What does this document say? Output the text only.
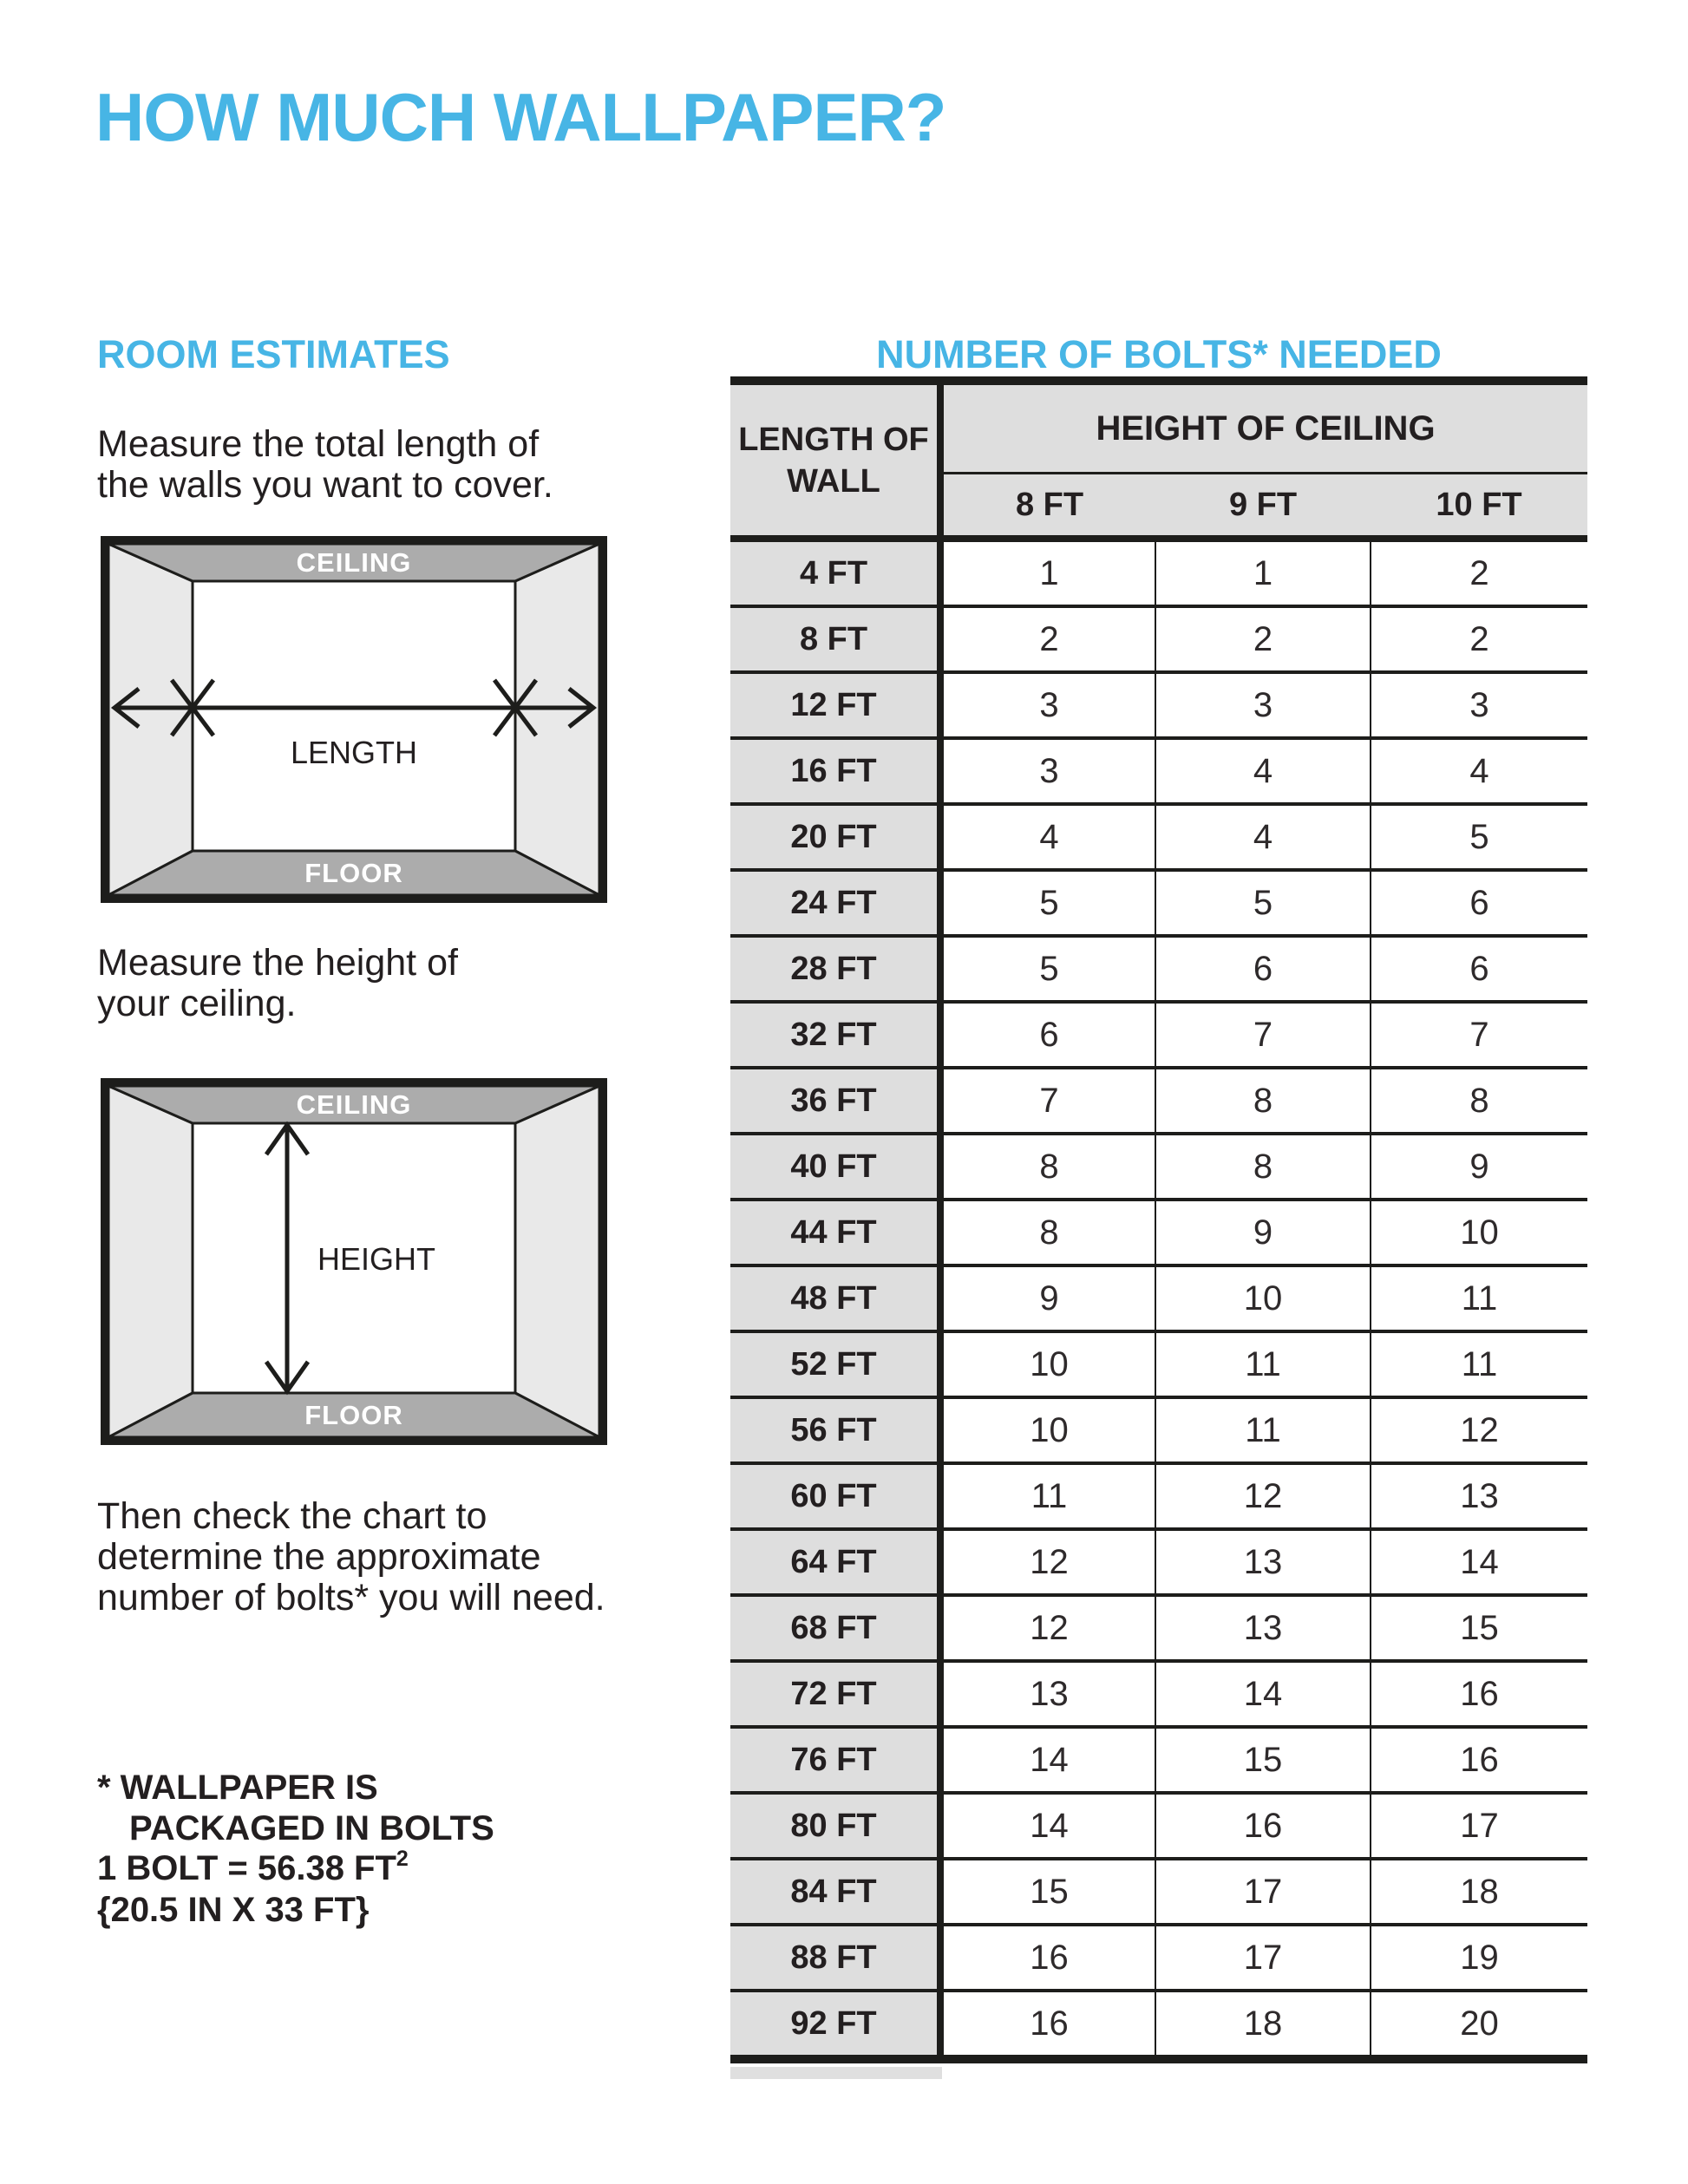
HOW MUCH WALLPAPER?
ROOM ESTIMATES	NUMBER OF BOLTS* NEEDED

Measure the total length of
the walls you want to cover.

CEILING
FLOOR
LENGTH

Measure the height of
your ceiling.

CEILING
FLOOR
HEIGHT

Then check the chart to
determine the approximate
number of bolts* you will need.

* WALLPAPER IS
PACKAGED IN BOLTS

1 BOLT = 56.38 $FT^2$
{20.5 IN X 33 FT}

LENGTH OF WALL	HEIGHT OF CEILING		
	8 FT	9 FT	10 FT
4 FT	1	1	2
8 FT	2	2	2
12 FT	3	3	3
16 FT	3	4	4
20 FT	4	4	5
24 FT	5	5	6
28 FT	5	6	6
32 FT	6	7	7
36 FT	7	8	8
40 FT	8	8	9
44 FT	8	9	10
48 FT	9	10	11
52 FT	10	11	11
56 FT	10	11	12
60 FT	11	12	13
64 FT	12	13	14
68 FT	12	13	15
72 FT	13	14	16
76 FT	14	15	16
80 FT	14	16	17
84 FT	15	17	18
88 FT	16	17	19
92 FT	16	18	20
